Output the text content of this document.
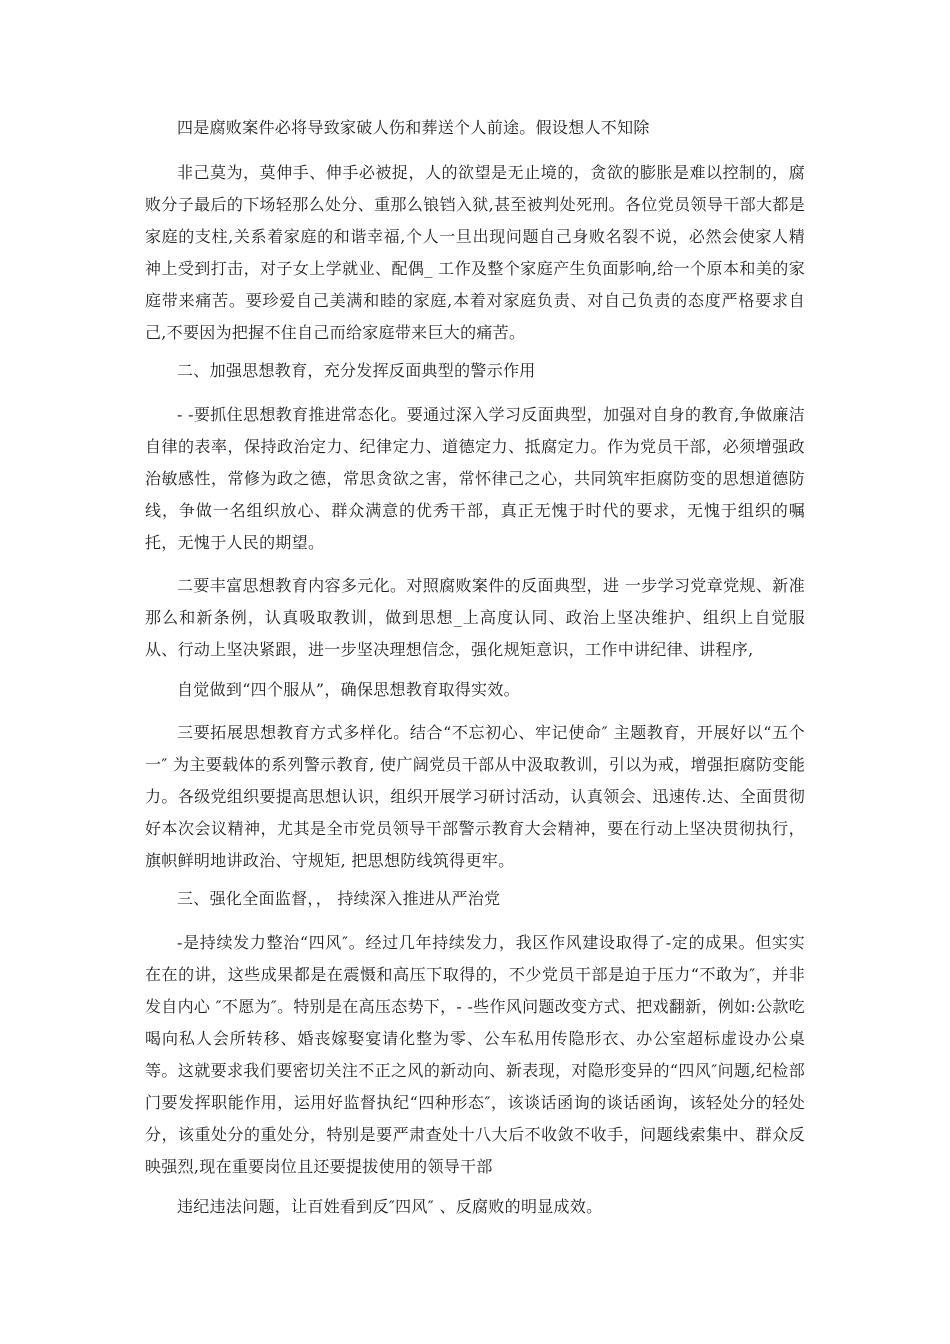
四是腐败案件必将导致家破人伤和葬送个人前途。假设想人不知除
非己莫为，莫伸手、伸手必被捉，人的欲望是无止境的，贪欲的膨胀是难以控制的，腐败分子最后的下场轻那么处分、重那么锒铛入狱,甚至被判处死刑。各位党员领导干部大都是家庭的支柱,关系着家庭的和谐幸福,个人一旦出现问题自己身败名裂不说，必然会使家人精 神上受到打击，对子女上学就业、配偶_ 工作及整个家庭产生负面影响,给一个原本和美的家庭带来痛苦。要珍爱自己美满和睦的家庭,本着对家庭负责、对自己负责的态度严格要求自己,不要因为把握不住自己而给家庭带来巨大的痛苦。
二、加强思想教育，充分发挥反面典型的警示作用
- -要抓住思想教育推进常态化。要通过深入学习反面典型，加强对自身的教育,争做廉洁自律的表率，保持政治定力、纪律定力、道德定力、抵腐定力。作为党员干部，必须增强政治敏感性，常修为政之德，常思贪欲之害，常怀律己之心，共同筑牢拒腐防变的思想道德防线，争做一名组织放心、群众满意的优秀干部，真正无愧于时代的要求，无愧于组织的嘱托，无愧于人民的期望。
二要丰富思想教育内容多元化。对照腐败案件的反面典型，进 一步学习党章党规、新准那么和新条例，认真吸取教训，做到思想_上高度认同、政治上坚决维护、组织上自觉服从、行动上坚决紧跟，进一步坚决理想信念，强化规矩意识，工作中讲纪律、讲程序,
自觉做到“四个服从”，确保思想教育取得实效。
三要拓展思想教育方式多样化。结合“不忘初心、牢记使命″ 主题教育，开展好以“五个一″ 为主要载体的系列警示教育, 使广阔党员干部从中汲取教训，引以为戒，增强拒腐防变能力。各级党组织要提高思想认识，组织开展学习研讨活动，认真领会、迅速传.达、全面贯彻好本次会议精神，尤其是全市党员领导干部警示教育大会精神，要在行动上坚决贯彻执行，旗帜鲜明地讲政治、守规矩, 把思想防线筑得更牢。
三、强化全面监督，， 持续深入推进从严治党
-是持续发力整治“四风″。经过几年持续发力，我区作风建设取得了-定的成果。但实实在在的讲，这些成果都是在震慑和高压下取得的，不少党员干部是迫于压力“不敢为″，并非发自内心 ″不愿为″。特别是在高压态势下，- -些作风问题改变方式、把戏翻新，例如:公款吃喝向私人会所转移、婚丧嫁娶宴请化整为零、公车私用传隐形衣、办公室超标虚设办公桌等。这就要求我们要密切关注不正之风的新动向、新表现，对隐形变异的“四风″问题,纪检部门要发挥职能作用，运用好监督执纪“四种形态″，该谈话函询的谈话函询，该轻处分的轻处分，该重处分的重处分，特别是要严肃查处十八大后不收敛不收手，问题线索集中、群众反映强烈,现在重要岗位且还要提拔使用的领导干部
违纪违法问题，让百姓看到反″四风″ 、反腐败的明显成效。
